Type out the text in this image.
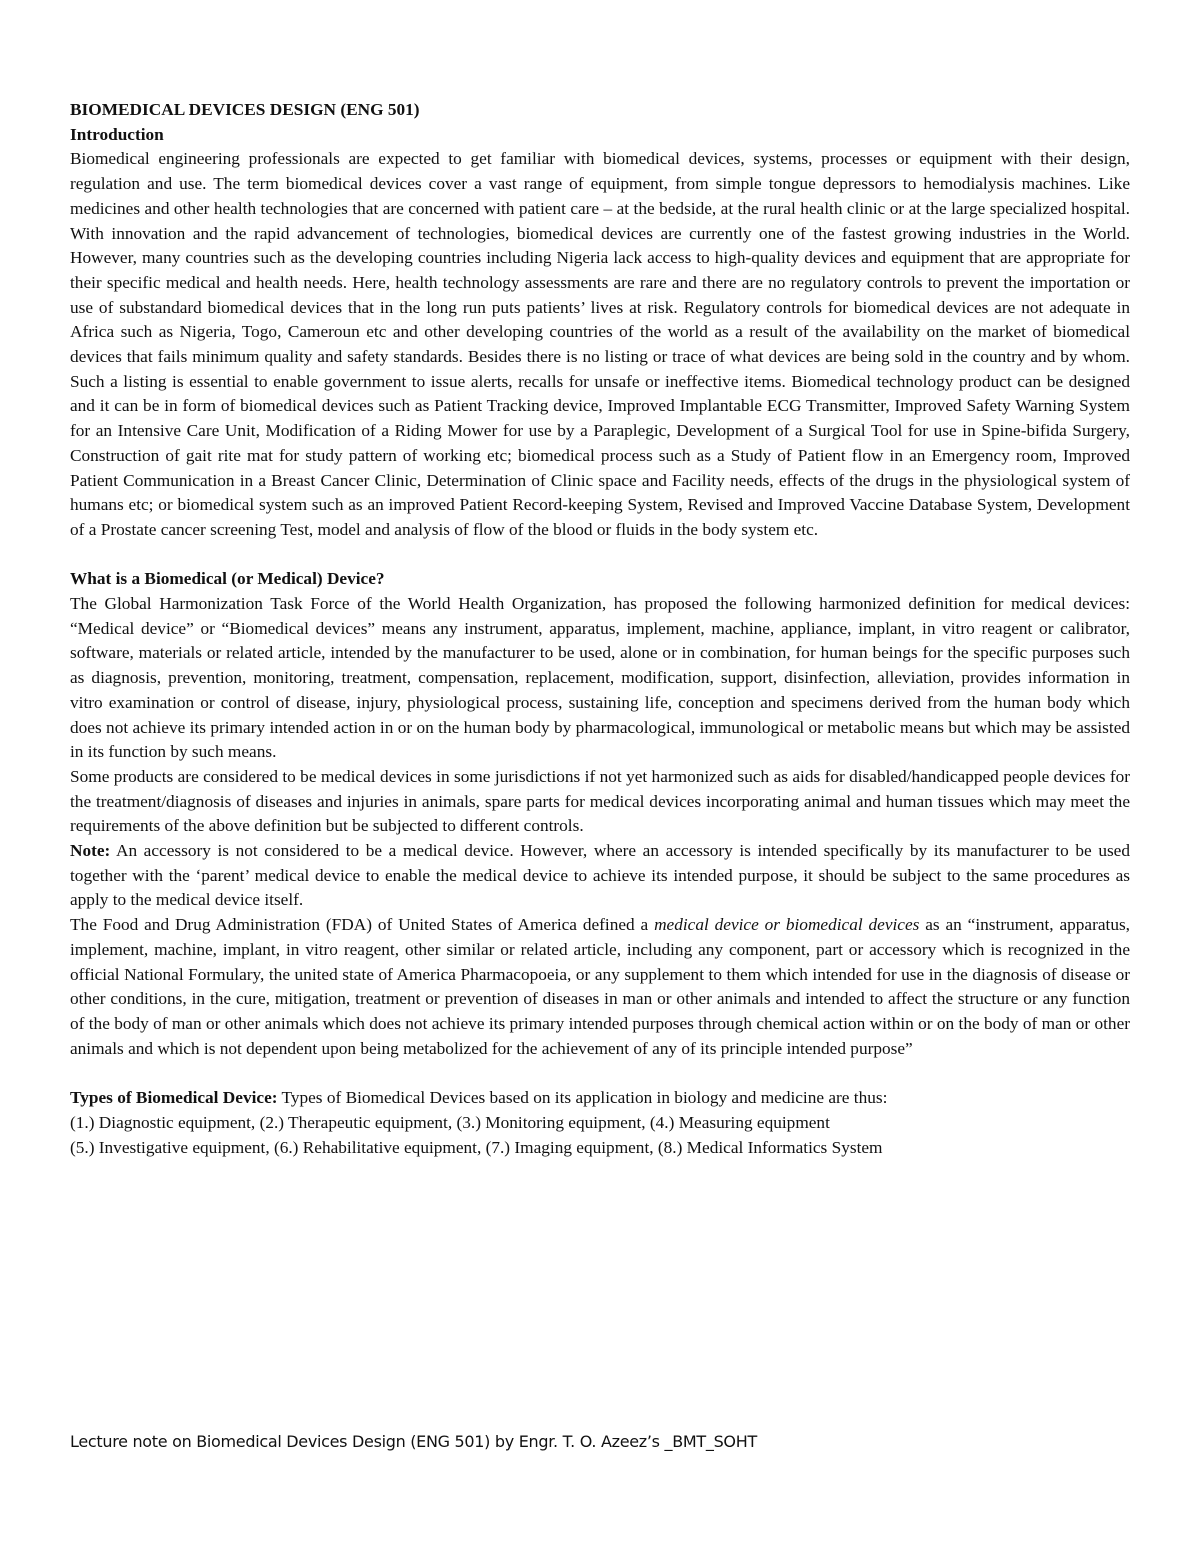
BIOMEDICAL DEVICES DESIGN (ENG 501)

Introduction

Biomedical engineering professionals are expected to get familiar with biomedical devices, systems, processes or equipment with their design, regulation and use. The term biomedical devices cover a vast range of equipment, from simple tongue depressors to hemodialysis machines. Like medicines and other health technologies that are concerned with patient care – at the bedside, at the rural health clinic or at the large specialized hospital. With innovation and the rapid advancement of technologies, biomedical devices are currently one of the fastest growing industries in the World. However, many countries such as the developing countries including Nigeria lack access to high-quality devices and equipment that are appropriate for their specific medical and health needs. Here, health technology assessments are rare and there are no regulatory controls to prevent the importation or use of substandard biomedical devices that in the long run puts patients’ lives at risk. Regulatory controls for biomedical devices are not adequate in Africa such as Nigeria, Togo, Cameroun etc and other developing countries of the world as a result of the availability on the market of biomedical devices that fails minimum quality and safety standards. Besides there is no listing or trace of what devices are being sold in the country and by whom. Such a listing is essential to enable government to issue alerts, recalls for unsafe or ineffective items. Biomedical technology product can be designed and it can be in form of biomedical devices such as Patient Tracking device, Improved Implantable ECG Transmitter, Improved Safety Warning System for an Intensive Care Unit, Modification of a Riding Mower for use by a Paraplegic, Development of a Surgical Tool for use in Spine-bifida Surgery, Construction of gait rite mat for study pattern of working etc; biomedical process such as a Study of Patient flow in an Emergency room, Improved Patient Communication in a Breast Cancer Clinic, Determination of Clinic space and Facility needs, effects of the drugs in the physiological system of humans etc; or biomedical system such as an improved Patient Record-keeping System, Revised and Improved Vaccine Database System, Development of a Prostate cancer screening Test, model and analysis of flow of the blood or fluids in the body system etc.

What is a Biomedical (or Medical) Device?

The Global Harmonization Task Force of the World Health Organization, has proposed the following harmonized definition for medical devices: “Medical device” or “Biomedical devices” means any instrument, apparatus, implement, machine, appliance, implant, in vitro reagent or calibrator, software, materials or related article, intended by the manufacturer to be used, alone or in combination, for human beings for the specific purposes such as diagnosis, prevention, monitoring, treatment, compensation, replacement, modification, support, disinfection, alleviation, provides information in vitro examination or control of disease, injury, physiological process, sustaining life, conception and specimens derived from the human body which does not achieve its primary intended action in or on the human body by pharmacological, immunological or metabolic means but which may be assisted in its function by such means.

Some products are considered to be medical devices in some jurisdictions if not yet harmonized such as aids for disabled/handicapped people devices for the treatment/diagnosis of diseases and injuries in animals, spare parts for medical devices incorporating animal and human tissues which may meet the requirements of the above definition but be subjected to different controls.

Note: An accessory is not considered to be a medical device. However, where an accessory is intended specifically by its manufacturer to be used together with the ‘parent’ medical device to enable the medical device to achieve its intended purpose, it should be subject to the same procedures as apply to the medical device itself.

The Food and Drug Administration (FDA) of United States of America defined a medical device or biomedical devices as an “instrument, apparatus, implement, machine, implant, in vitro reagent, other similar or related article, including any component, part or accessory which is recognized in the official National Formulary, the united state of America Pharmacopoeia, or any supplement to them which intended for use in the diagnosis of disease or other conditions, in the cure, mitigation, treatment or prevention of diseases in man or other animals and intended to affect the structure or any function of the body of man or other animals which does not achieve its primary intended purposes through chemical action within or on the body of man or other animals and which is not dependent upon being metabolized for the achievement of any of its principle intended purpose”

Types of Biomedical Device: Types of Biomedical Devices based on its application in biology and medicine are thus:

(1.) Diagnostic equipment, (2.) Therapeutic equipment, (3.) Monitoring equipment, (4.) Measuring equipment

(5.) Investigative equipment, (6.) Rehabilitative equipment, (7.) Imaging equipment, (8.) Medical Informatics System

Lecture note on Biomedical Devices Design (ENG 501) by Engr. T. O. Azeez’s _BMT_SOHT
